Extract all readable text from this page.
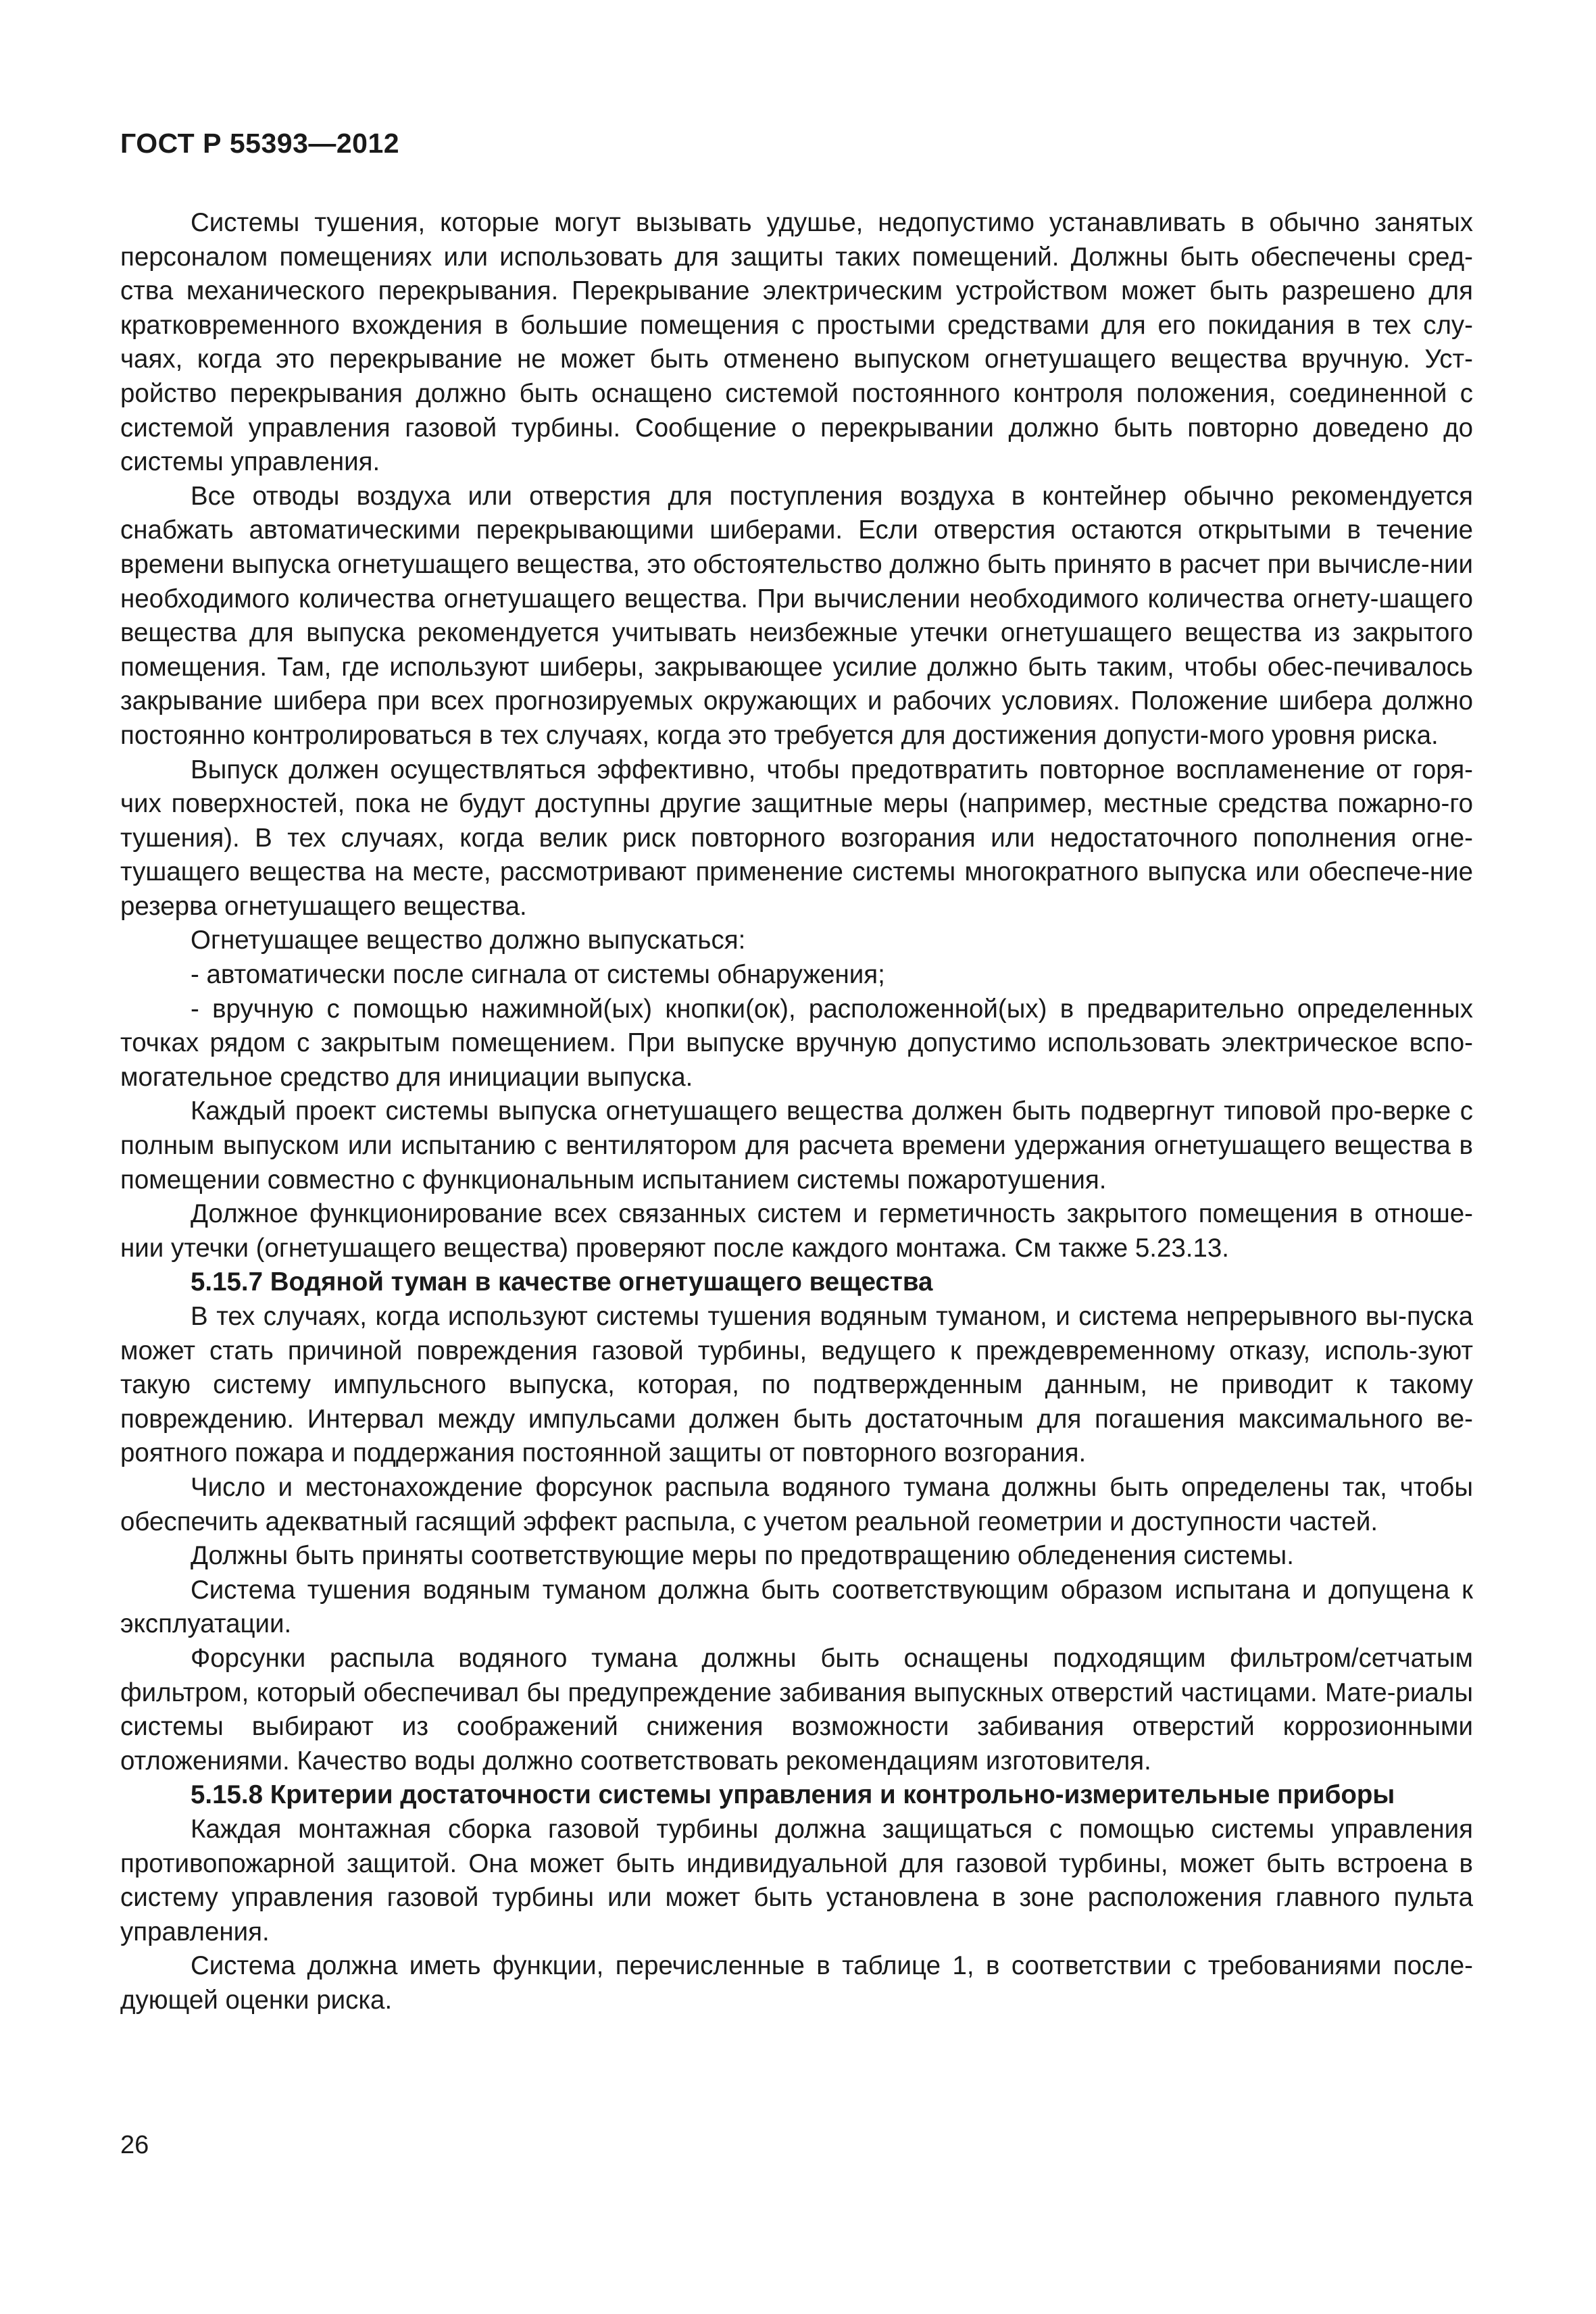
ГОСТ Р 55393—2012

Системы тушения, которые могут вызывать удушье, недопустимо устанавливать в обычно занятых персоналом помещениях или использовать для защиты таких помещений. Должны быть обеспечены сред-ства механического перекрывания. Перекрывание электрическим устройством может быть разрешено для кратковременного вхождения в большие помещения с простыми средствами для его покидания в тех слу-чаях, когда это перекрывание не может быть отменено выпуском огнетушащего вещества вручную. Уст-ройство перекрывания должно быть оснащено системой постоянного контроля положения, соединенной с системой управления газовой турбины. Сообщение о перекрывании должно быть повторно доведено до системы управления.

Все отводы воздуха или отверстия для поступления воздуха в контейнер обычно рекомендуется снабжать автоматическими перекрывающими шиберами. Если отверстия остаются открытыми в течение времени выпуска огнетушащего вещества, это обстоятельство должно быть принято в расчет при вычисле-нии необходимого количества огнетушащего вещества. При вычислении необходимого количества огнету-шащего вещества для выпуска рекомендуется учитывать неизбежные утечки огнетушащего вещества из закрытого помещения. Там, где используют шиберы, закрывающее усилие должно быть таким, чтобы обес-печивалось закрывание шибера при всех прогнозируемых окружающих и рабочих условиях. Положение шибера должно постоянно контролироваться в тех случаях, когда это требуется для достижения допусти-мого уровня риска.

Выпуск должен осуществляться эффективно, чтобы предотвратить повторное воспламенение от горя-чих поверхностей, пока не будут доступны другие защитные меры (например, местные средства пожарно-го тушения). В тех случаях, когда велик риск повторного возгорания или недостаточного пополнения огне-тушащего вещества на месте, рассмотривают применение системы многократного выпуска или обеспече-ние резерва огнетушащего вещества.

Огнетушащее вещество должно выпускаться:

- автоматически после сигнала от системы обнаружения;

- вручную с помощью нажимной(ых) кнопки(ок), расположенной(ых) в предварительно определенных точках рядом с закрытым помещением. При выпуске вручную допустимо использовать электрическое вспо-могательное средство для инициации выпуска.

Каждый проект системы выпуска огнетушащего вещества должен быть подвергнут типовой про-верке с полным выпуском или испытанию с вентилятором для расчета времени удержания огнетушащего вещества в помещении совместно с функциональным испытанием системы пожаротушения.

Должное функционирование всех связанных систем и герметичность закрытого помещения в отноше-нии утечки (огнетушащего вещества) проверяют после каждого монтажа. См также 5.23.13.

5.15.7 Водяной туман в качестве огнетушащего вещества

В тех случаях, когда используют системы тушения водяным туманом, и система непрерывного вы-пуска может стать причиной повреждения газовой турбины, ведущего к преждевременному отказу, исполь-зуют такую систему импульсного выпуска, которая, по подтвержденным данным, не приводит к такому повреждению. Интервал между импульсами должен быть достаточным для погашения максимального ве-роятного пожара и поддержания постоянной защиты от повторного возгорания.

Число и местонахождение форсунок распыла водяного тумана должны быть определены так, чтобы обеспечить адекватный гасящий эффект распыла, с учетом реальной геометрии и доступности частей.

Должны быть приняты соответствующие меры по предотвращению обледенения системы.

Система тушения водяным туманом должна быть соответствующим образом испытана и допущена к эксплуатации.

Форсунки распыла водяного тумана должны быть оснащены подходящим фильтром/сетчатым фильтром, который обеспечивал бы предупреждение забивания выпускных отверстий частицами. Мате-риалы системы выбирают из соображений снижения возможности забивания отверстий коррозионными отложениями. Качество воды должно соответствовать рекомендациям изготовителя.

5.15.8 Критерии достаточности системы управления и контрольно-измерительные приборы

Каждая монтажная сборка газовой турбины должна защищаться с помощью системы управления противопожарной защитой. Она может быть индивидуальной для газовой турбины, может быть встроена в систему управления газовой турбины или может быть установлена в зоне расположения главного пульта управления.

Система должна иметь функции, перечисленные в таблице 1, в соответствии с требованиями после-дующей оценки риска.

26
